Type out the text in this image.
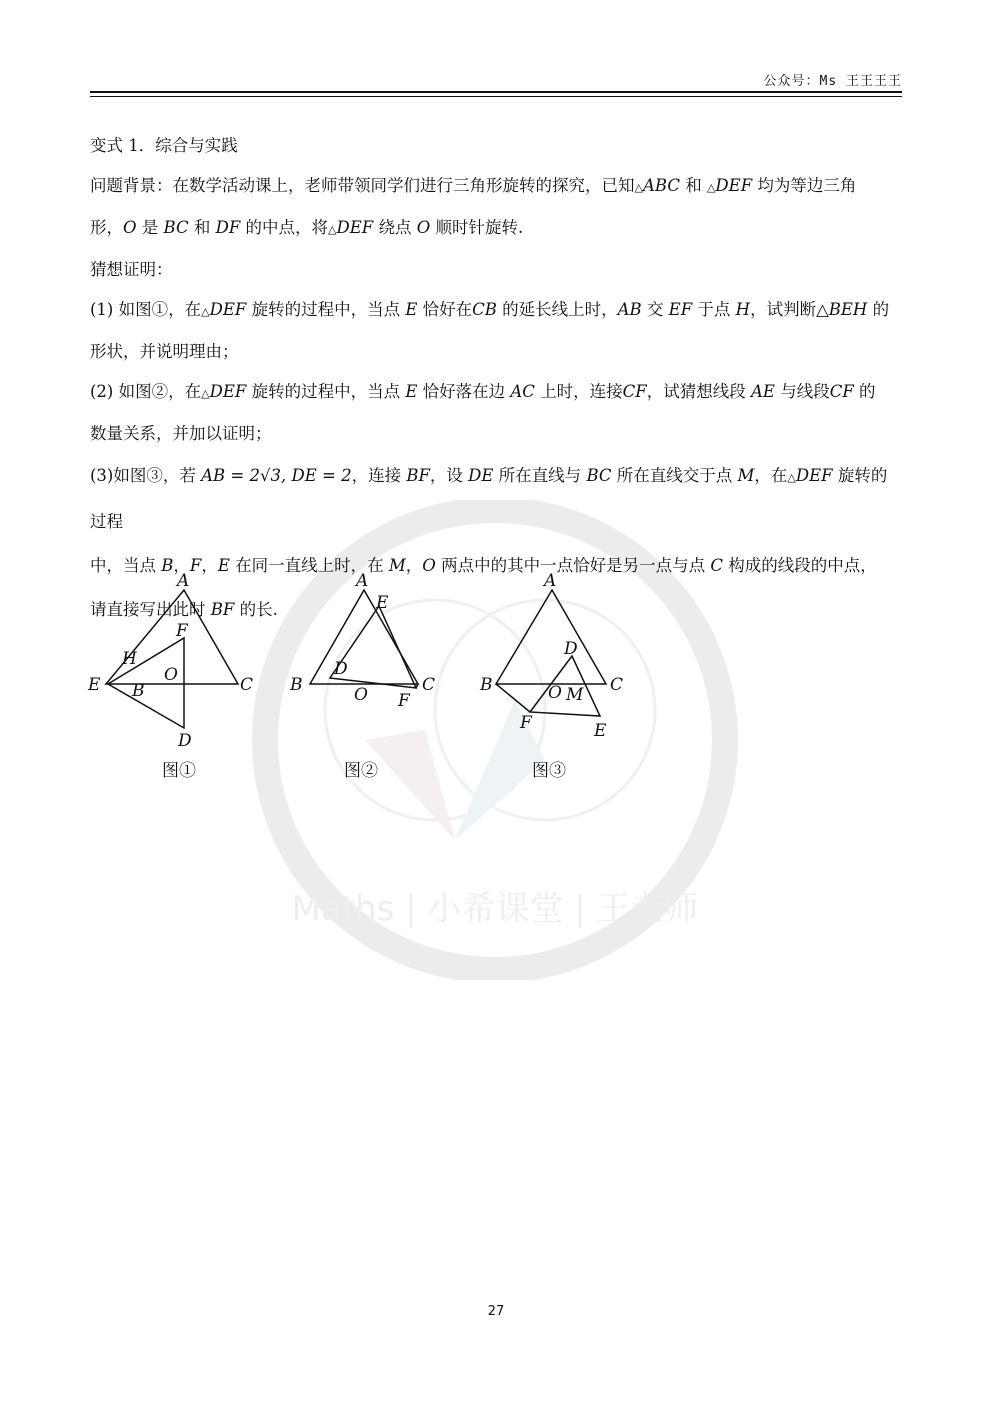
Maths | 小希课堂 | 王老师
公众号：Ms 王王王王

变式 1．综合与实践

问题背景：在数学活动课上，老师带领同学们进行三角形旋转的探究，已知△ABC 和 △DEF 均为等边三角
形，O 是 BC 和 DF 的中点，将△DEF 绕点 O 顺时针旋转.

猜想证明：

(1) 如图①，在△DEF 旋转的过程中，当点 E 恰好在CB 的延长线上时，AB 交 EF 于点 H，试判断△BEH 的
形状，并说明理由；

(2) 如图②，在△DEF 旋转的过程中，当点 E 恰好落在边 AC 上时，连接CF，试猜想线段 AE 与线段CF 的
数量关系，并加以证明；

(3)如图③，若 AB = 2√3, DE = 2，连接 BF，设 DE 所在直线与 BC 所在直线交于点 M，在△DEF 旋转的过程
中，当点 B，F，E 在同一直线上时，在 M，O 两点中的其中一点恰好是另一点与点 C 构成的线段的中点，
请直接写出此时 BF 的长.

A
F
H
O
E B	C
D
图①
A
E
D
B	O F
C
图②
A
D
B	O M C
F	E
图③
27
